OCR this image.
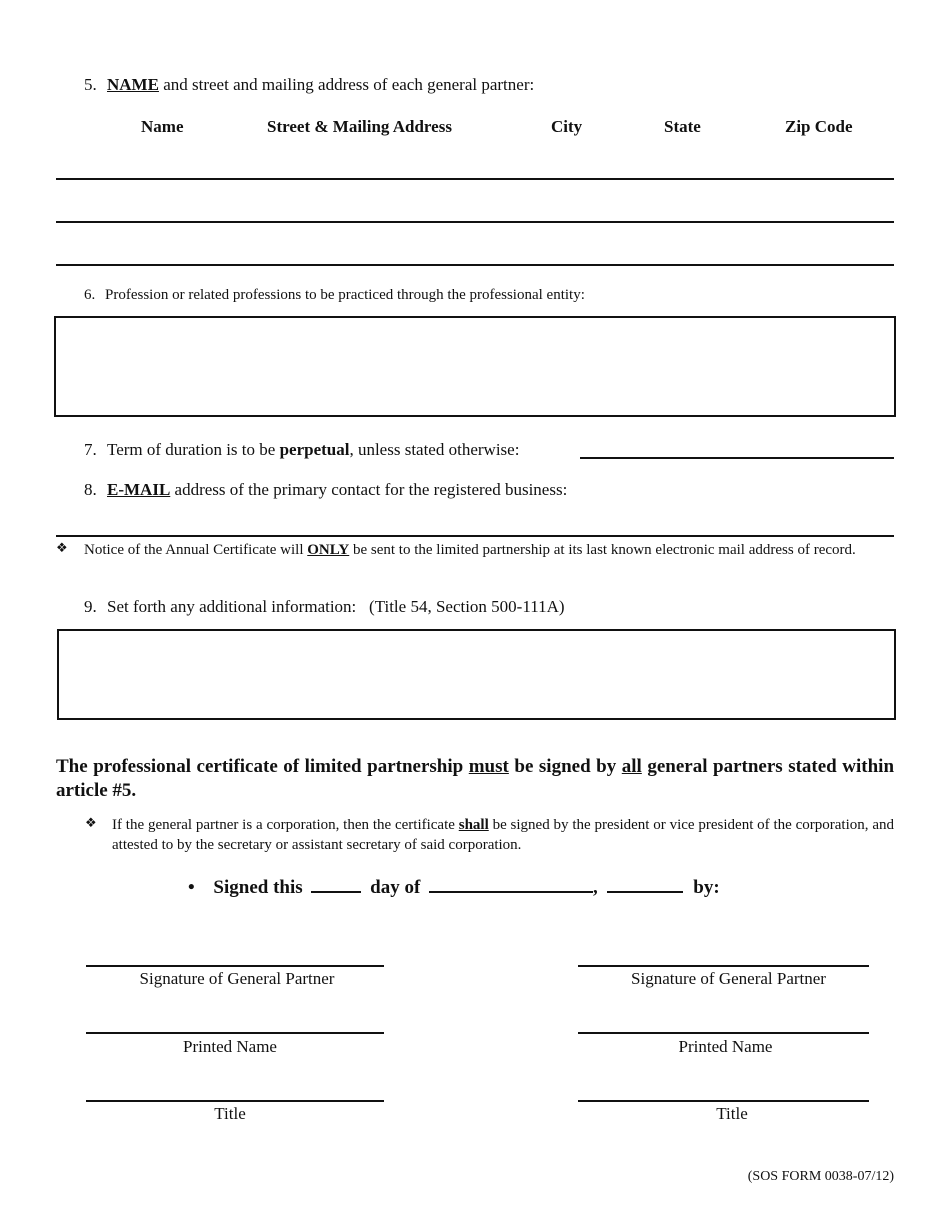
5. NAME and street and mailing address of each general partner:
Name	Street & Mailing Address	City	State	Zip Code
6. Profession or related professions to be practiced through the professional entity:
7. Term of duration is to be perpetual, unless stated otherwise:
8. E-MAIL address of the primary contact for the registered business:
❖ Notice of the Annual Certificate will ONLY be sent to the limited partnership at its last known electronic mail address of record.
9. Set forth any additional information:   (Title 54, Section 500-111A)
The professional certificate of limited partnership must be signed by all general partners stated within article #5.
❖ If the general partner is a corporation, then the certificate shall be signed by the president or vice president of the corporation, and attested to by the secretary or assistant secretary of said corporation.
• Signed this	day of	,	by:
Signature of General Partner
Printed Name
Title
Signature of General Partner
Printed Name
Title
(SOS FORM 0038-07/12)
